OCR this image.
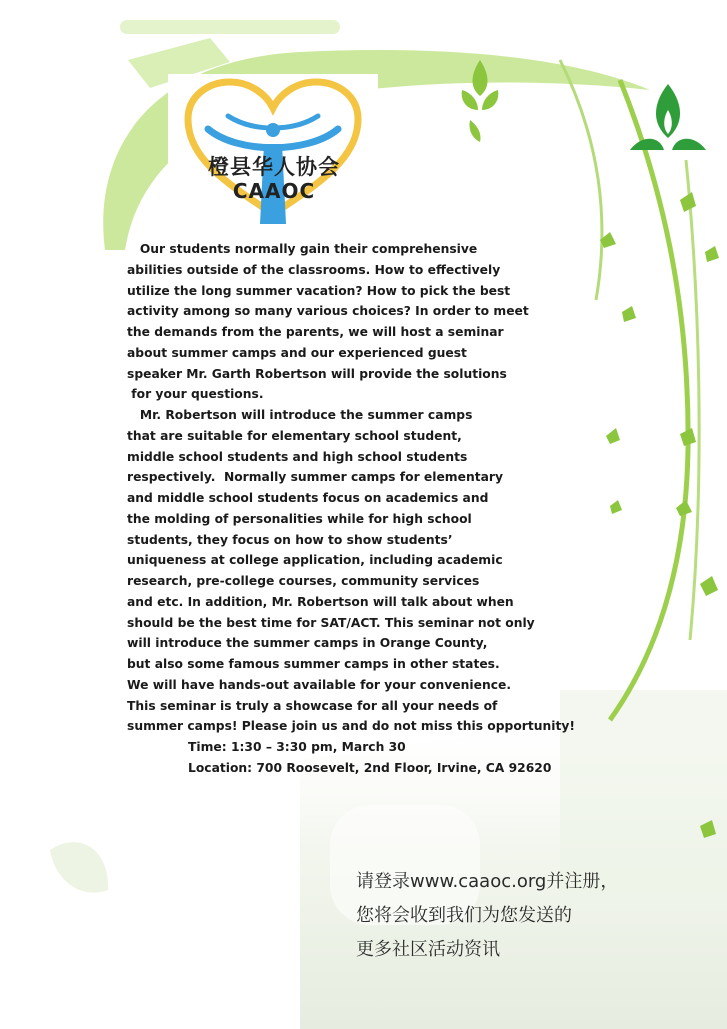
橙县华人协会
CAAOC
Our students normally gain their comprehensive
abilities outside of the classrooms. How to effectively
utilize the long summer vacation? How to pick the best
activity among so many various choices? In order to meet
the demands from the parents, we will host a seminar
about summer camps and our experienced guest
speaker Mr. Garth Robertson will provide the solutions
for your questions.
Mr. Robertson will introduce the summer camps
that are suitable for elementary school student,
middle school students and high school students
respectively.  Normally summer camps for elementary
and middle school students focus on academics and
the molding of personalities while for high school
students, they focus on how to show students’
uniqueness at college application, including academic
research, pre-college courses, community services
and etc. In addition, Mr. Robertson will talk about when
should be the best time for SAT/ACT. This seminar not only
will introduce the summer camps in Orange County,
but also some famous summer camps in other states.
We will have hands-out available for your convenience.
This seminar is truly a showcase for all your needs of
summer camps! Please join us and do not miss this opportunity!
Time: 1:30 – 3:30 pm, March 30
Location: 700 Roosevelt, 2nd Floor, Irvine, CA 92620
请登录www.caaoc.org并注册，
您将会收到我们为您发送的
更多社区活动资讯
